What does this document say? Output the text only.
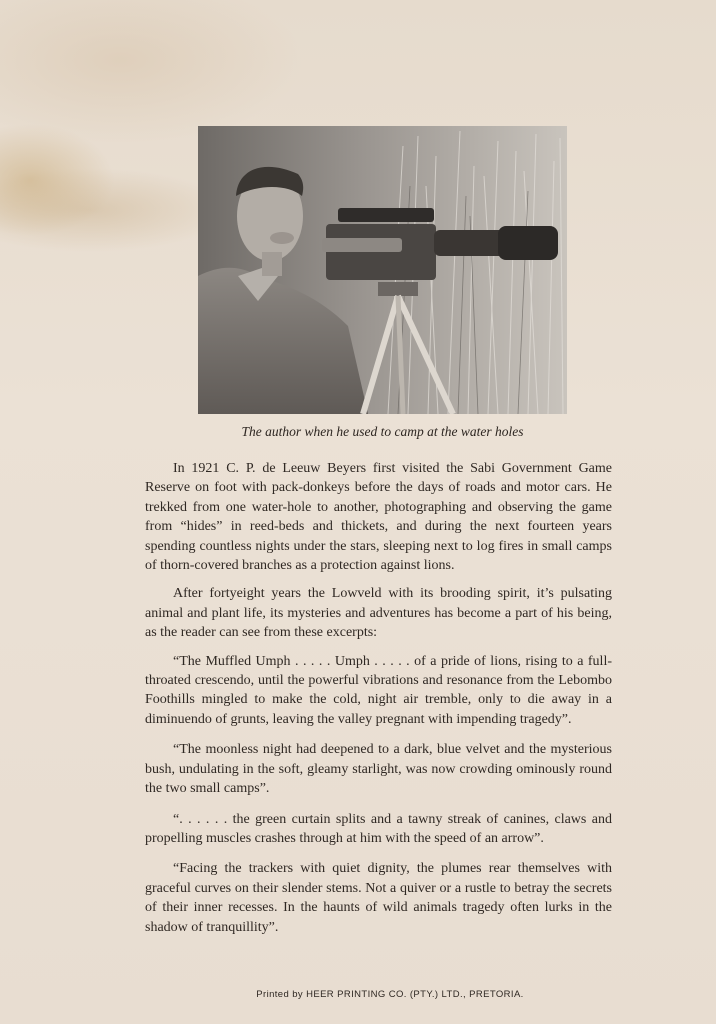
The author when he used to camp at the water holes

In 1921 C. P. de Leeuw Beyers first visited the Sabi Government Game Reserve on foot with pack-donkeys before the days of roads and motor cars. He trekked from one water-hole to another, photographing and observing the game from “hides” in reed-beds and thickets, and during the next fourteen years spending countless nights under the stars, sleeping next to log fires in small camps of thorn-covered branches as a protection against lions.

After fortyeight years the Lowveld with its brooding spirit, it’s pulsating animal and plant life, its mysteries and adventures has become a part of his being, as the reader can see from these excerpts:

“The Muffled Umph . . . . . Umph . . . . . of a pride of lions, rising to a full-throated crescendo, until the powerful vibrations and resonance from the Lebombo Foothills mingled to make the cold, night air tremble, only to die away in a diminuendo of grunts, leaving the valley pregnant with impending tragedy”.

“The moonless night had deepened to a dark, blue velvet and the mysterious bush, undulating in the soft, gleamy starlight, was now crowding ominously round the two small camps”.

“. . . . . . the green curtain splits and a tawny streak of canines, claws and propelling muscles crashes through at him with the speed of an arrow”.

“Facing the trackers with quiet dignity, the plumes rear themselves with graceful curves on their slender stems. Not a quiver or a rustle to betray the secrets of their inner recesses. In the haunts of wild animals tragedy often lurks in the shadow of tranquillity”.

Printed by HEER PRINTING CO. (PTY.) LTD., PRETORIA.
